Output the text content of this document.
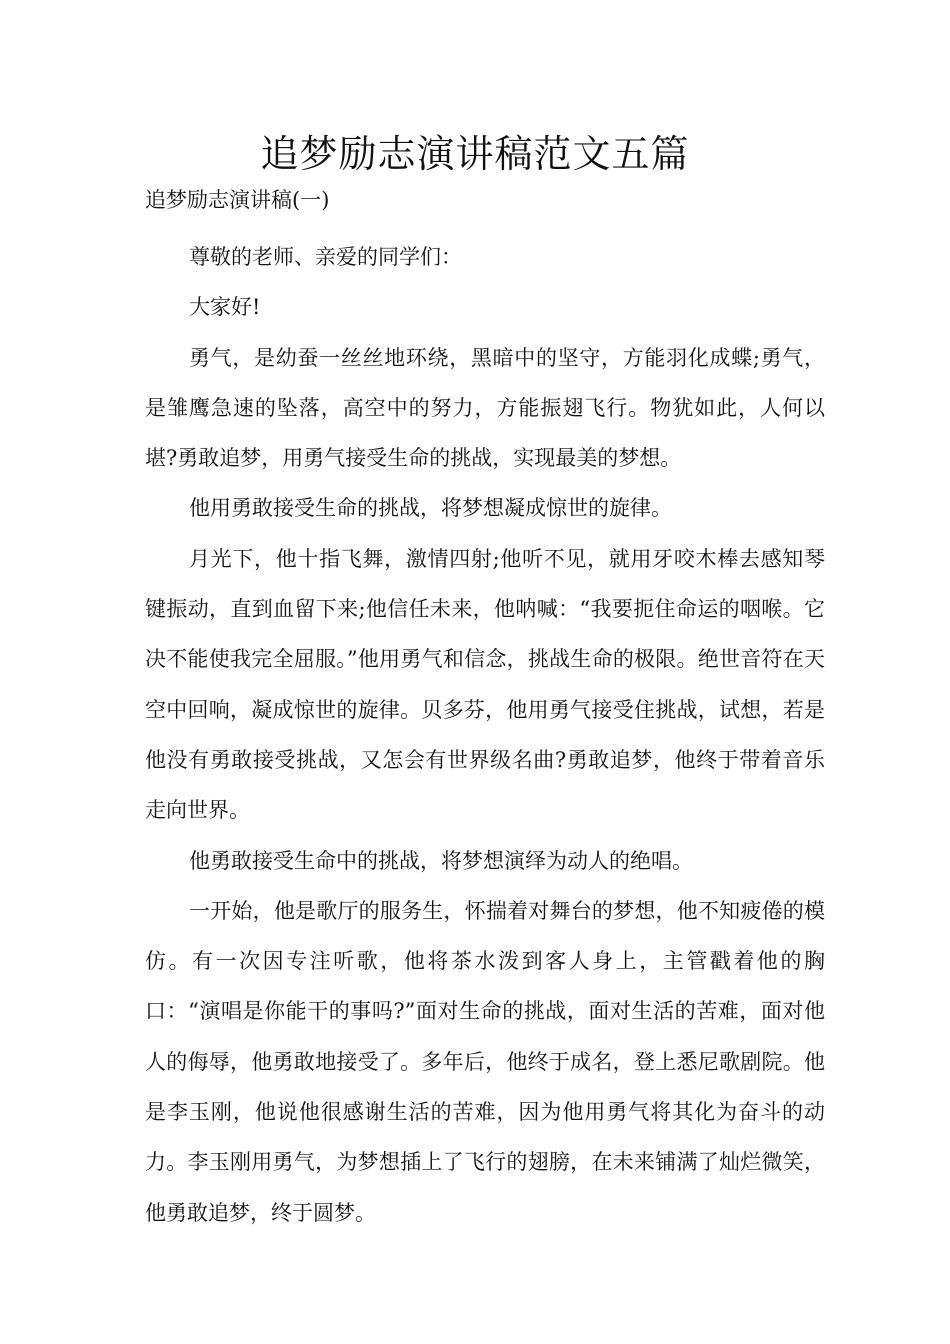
追梦励志演讲稿范文五篇

追梦励志演讲稿(一)

尊敬的老师、亲爱的同学们：

大家好!

勇气，是幼蚕一丝丝地环绕，黑暗中的坚守，方能羽化成蝶;勇气，是雏鹰急速的坠落，高空中的努力，方能振翅飞行。物犹如此，人何以堪?勇敢追梦，用勇气接受生命的挑战，实现最美的梦想。

他用勇敢接受生命的挑战，将梦想凝成惊世的旋律。

月光下，他十指飞舞，激情四射;他听不见，就用牙咬木棒去感知琴键振动，直到血留下来;他信任未来，他呐喊：“我要扼住命运的咽喉。它决不能使我完全屈服。”他用勇气和信念，挑战生命的极限。绝世音符在天空中回响，凝成惊世的旋律。贝多芬，他用勇气接受住挑战，试想，若是他没有勇敢接受挑战，又怎会有世界级名曲?勇敢追梦，他终于带着音乐走向世界。

他勇敢接受生命中的挑战，将梦想演绎为动人的绝唱。

一开始，他是歌厅的服务生，怀揣着对舞台的梦想，他不知疲倦的模仿。有一次因专注听歌，他将茶水泼到客人身上，主管戳着他的胸口：“演唱是你能干的事吗?”面对生命的挑战，面对生活的苦难，面对他人的侮辱，他勇敢地接受了。多年后，他终于成名，登上悉尼歌剧院。他是李玉刚，他说他很感谢生活的苦难，因为他用勇气将其化为奋斗的动力。李玉刚用勇气，为梦想插上了飞行的翅膀，在未来铺满了灿烂微笑，他勇敢追梦，终于圆梦。
